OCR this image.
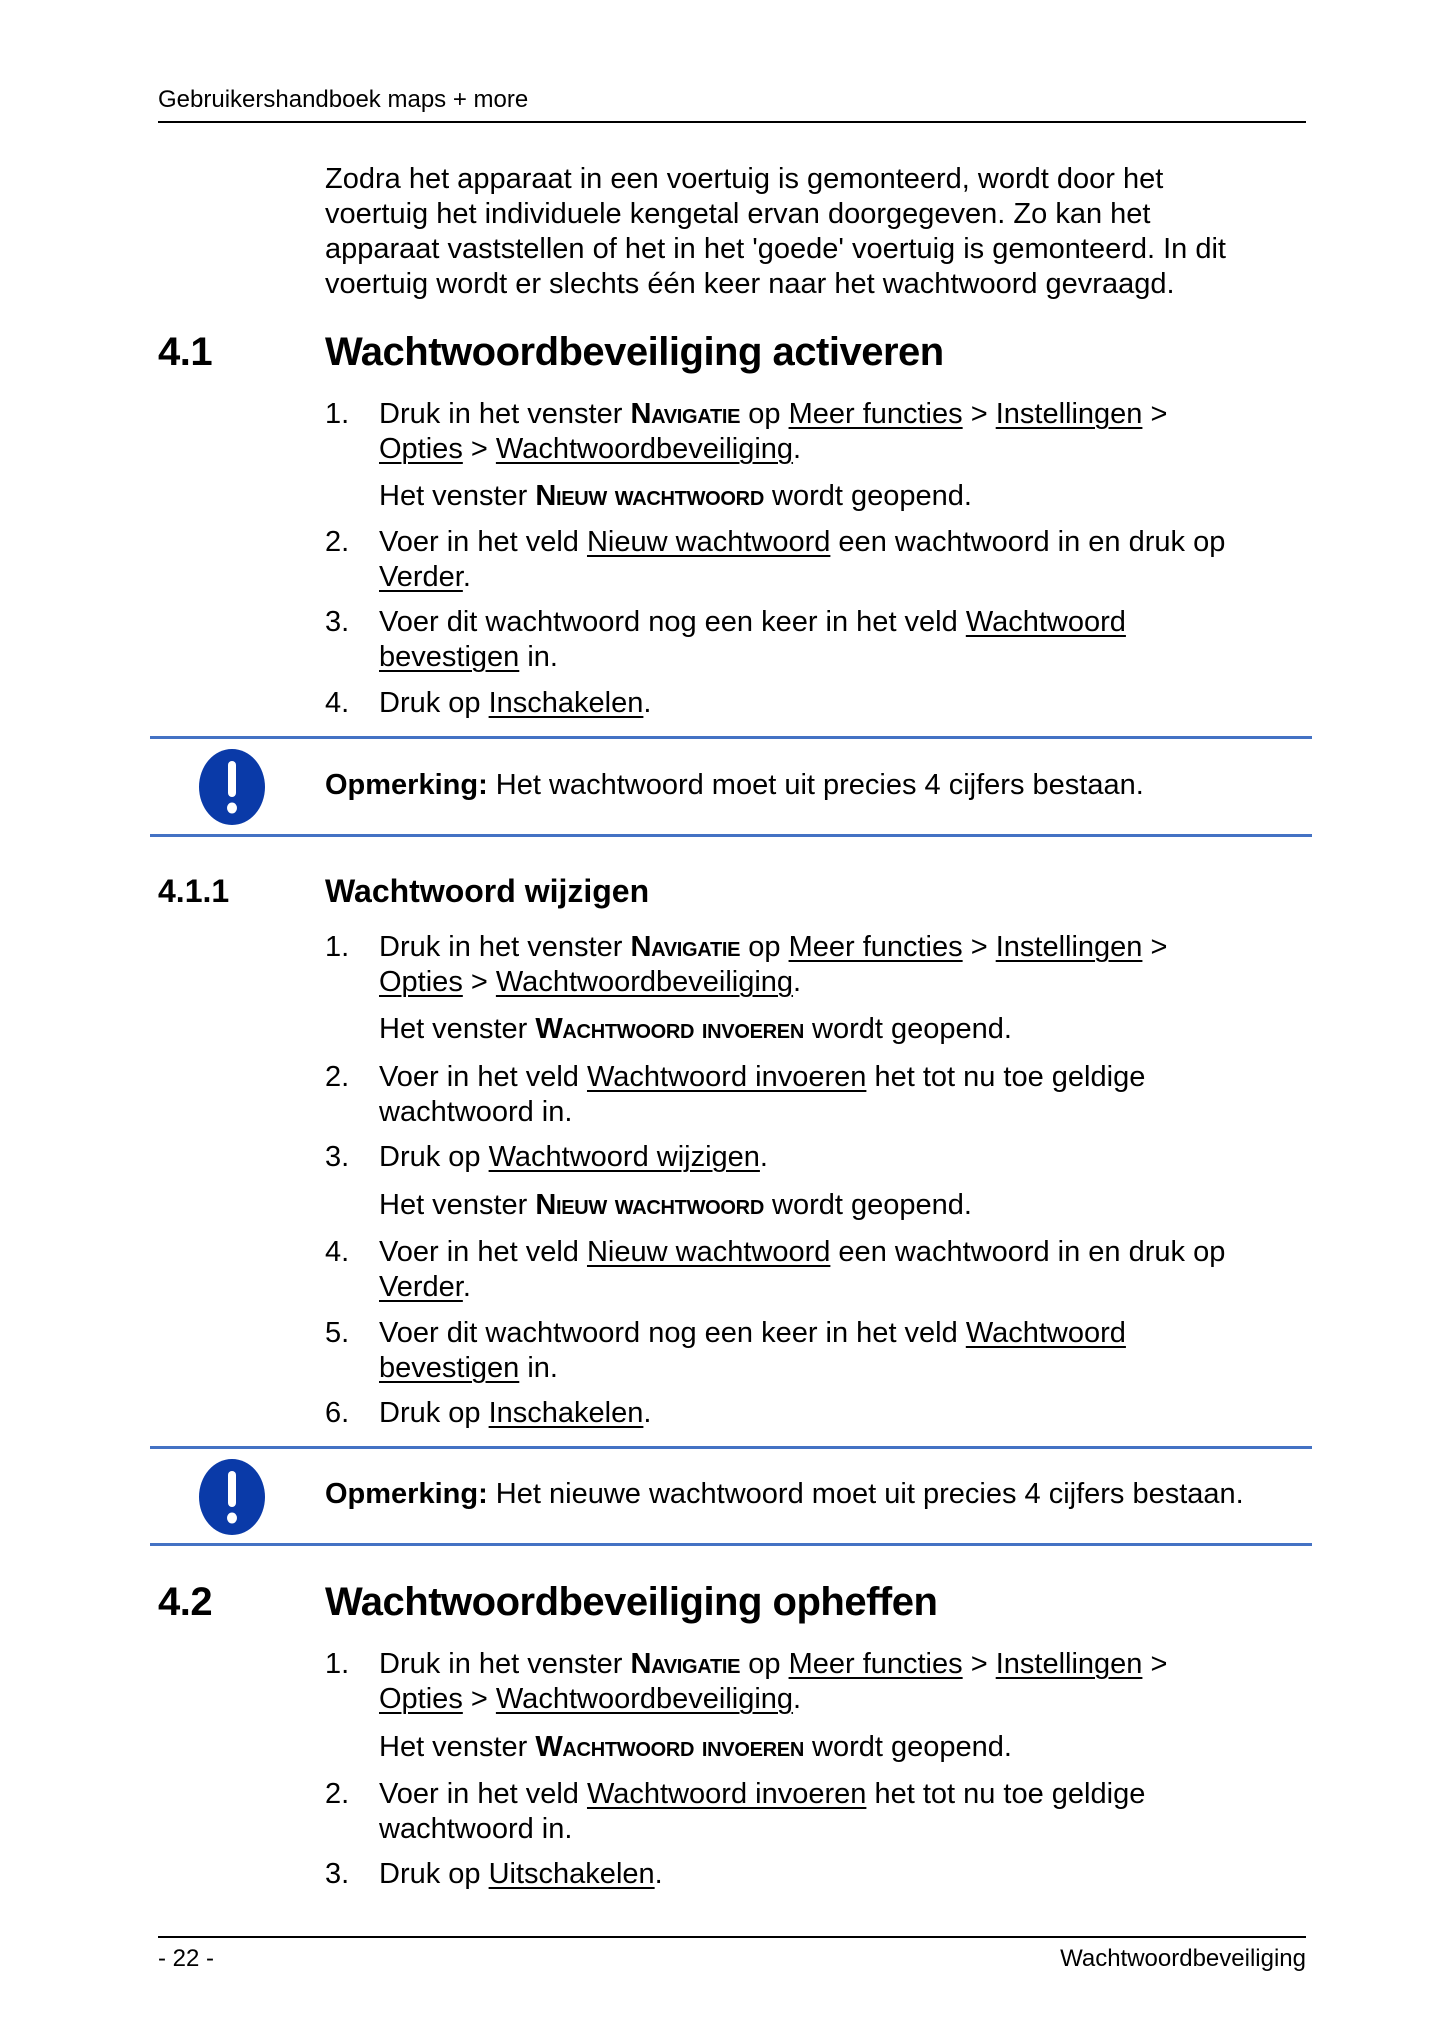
Gebruikershandboek maps + more
Zodra het apparaat in een voertuig is gemonteerd, wordt door het
voertuig het individuele kengetal ervan doorgegeven. Zo kan het
apparaat vaststellen of het in het 'goede' voertuig is gemonteerd. In dit
voertuig wordt er slechts één keer naar het wachtwoord gevraagd.
4.1	Wachtwoordbeveiliging activeren
1.	Druk in het venster Navigatie op Meer functies > Instellingen >
Opties > Wachtwoordbeveiliging.
Het venster Nieuw wachtwoord wordt geopend.
2.	Voer in het veld Nieuw wachtwoord een wachtwoord in en druk op
Verder.
3.	Voer dit wachtwoord nog een keer in het veld Wachtwoord
bevestigen in.
4.	Druk op Inschakelen.
Opmerking: Het wachtwoord moet uit precies 4 cijfers bestaan.
4.1.1	Wachtwoord wijzigen
1.	Druk in het venster Navigatie op Meer functies > Instellingen >
Opties > Wachtwoordbeveiliging.
Het venster Wachtwoord invoeren wordt geopend.
2.	Voer in het veld Wachtwoord invoeren het tot nu toe geldige
wachtwoord in.
3.	Druk op Wachtwoord wijzigen.
Het venster Nieuw wachtwoord wordt geopend.
4.	Voer in het veld Nieuw wachtwoord een wachtwoord in en druk op
Verder.
5.	Voer dit wachtwoord nog een keer in het veld Wachtwoord
bevestigen in.
6.	Druk op Inschakelen.
Opmerking: Het nieuwe wachtwoord moet uit precies 4 cijfers bestaan.
4.2	Wachtwoordbeveiliging opheffen
1.	Druk in het venster Navigatie op Meer functies > Instellingen >
Opties > Wachtwoordbeveiliging.
Het venster Wachtwoord invoeren wordt geopend.
2.	Voer in het veld Wachtwoord invoeren het tot nu toe geldige
wachtwoord in.
3.	Druk op Uitschakelen.
- 22 -	Wachtwoordbeveiliging
